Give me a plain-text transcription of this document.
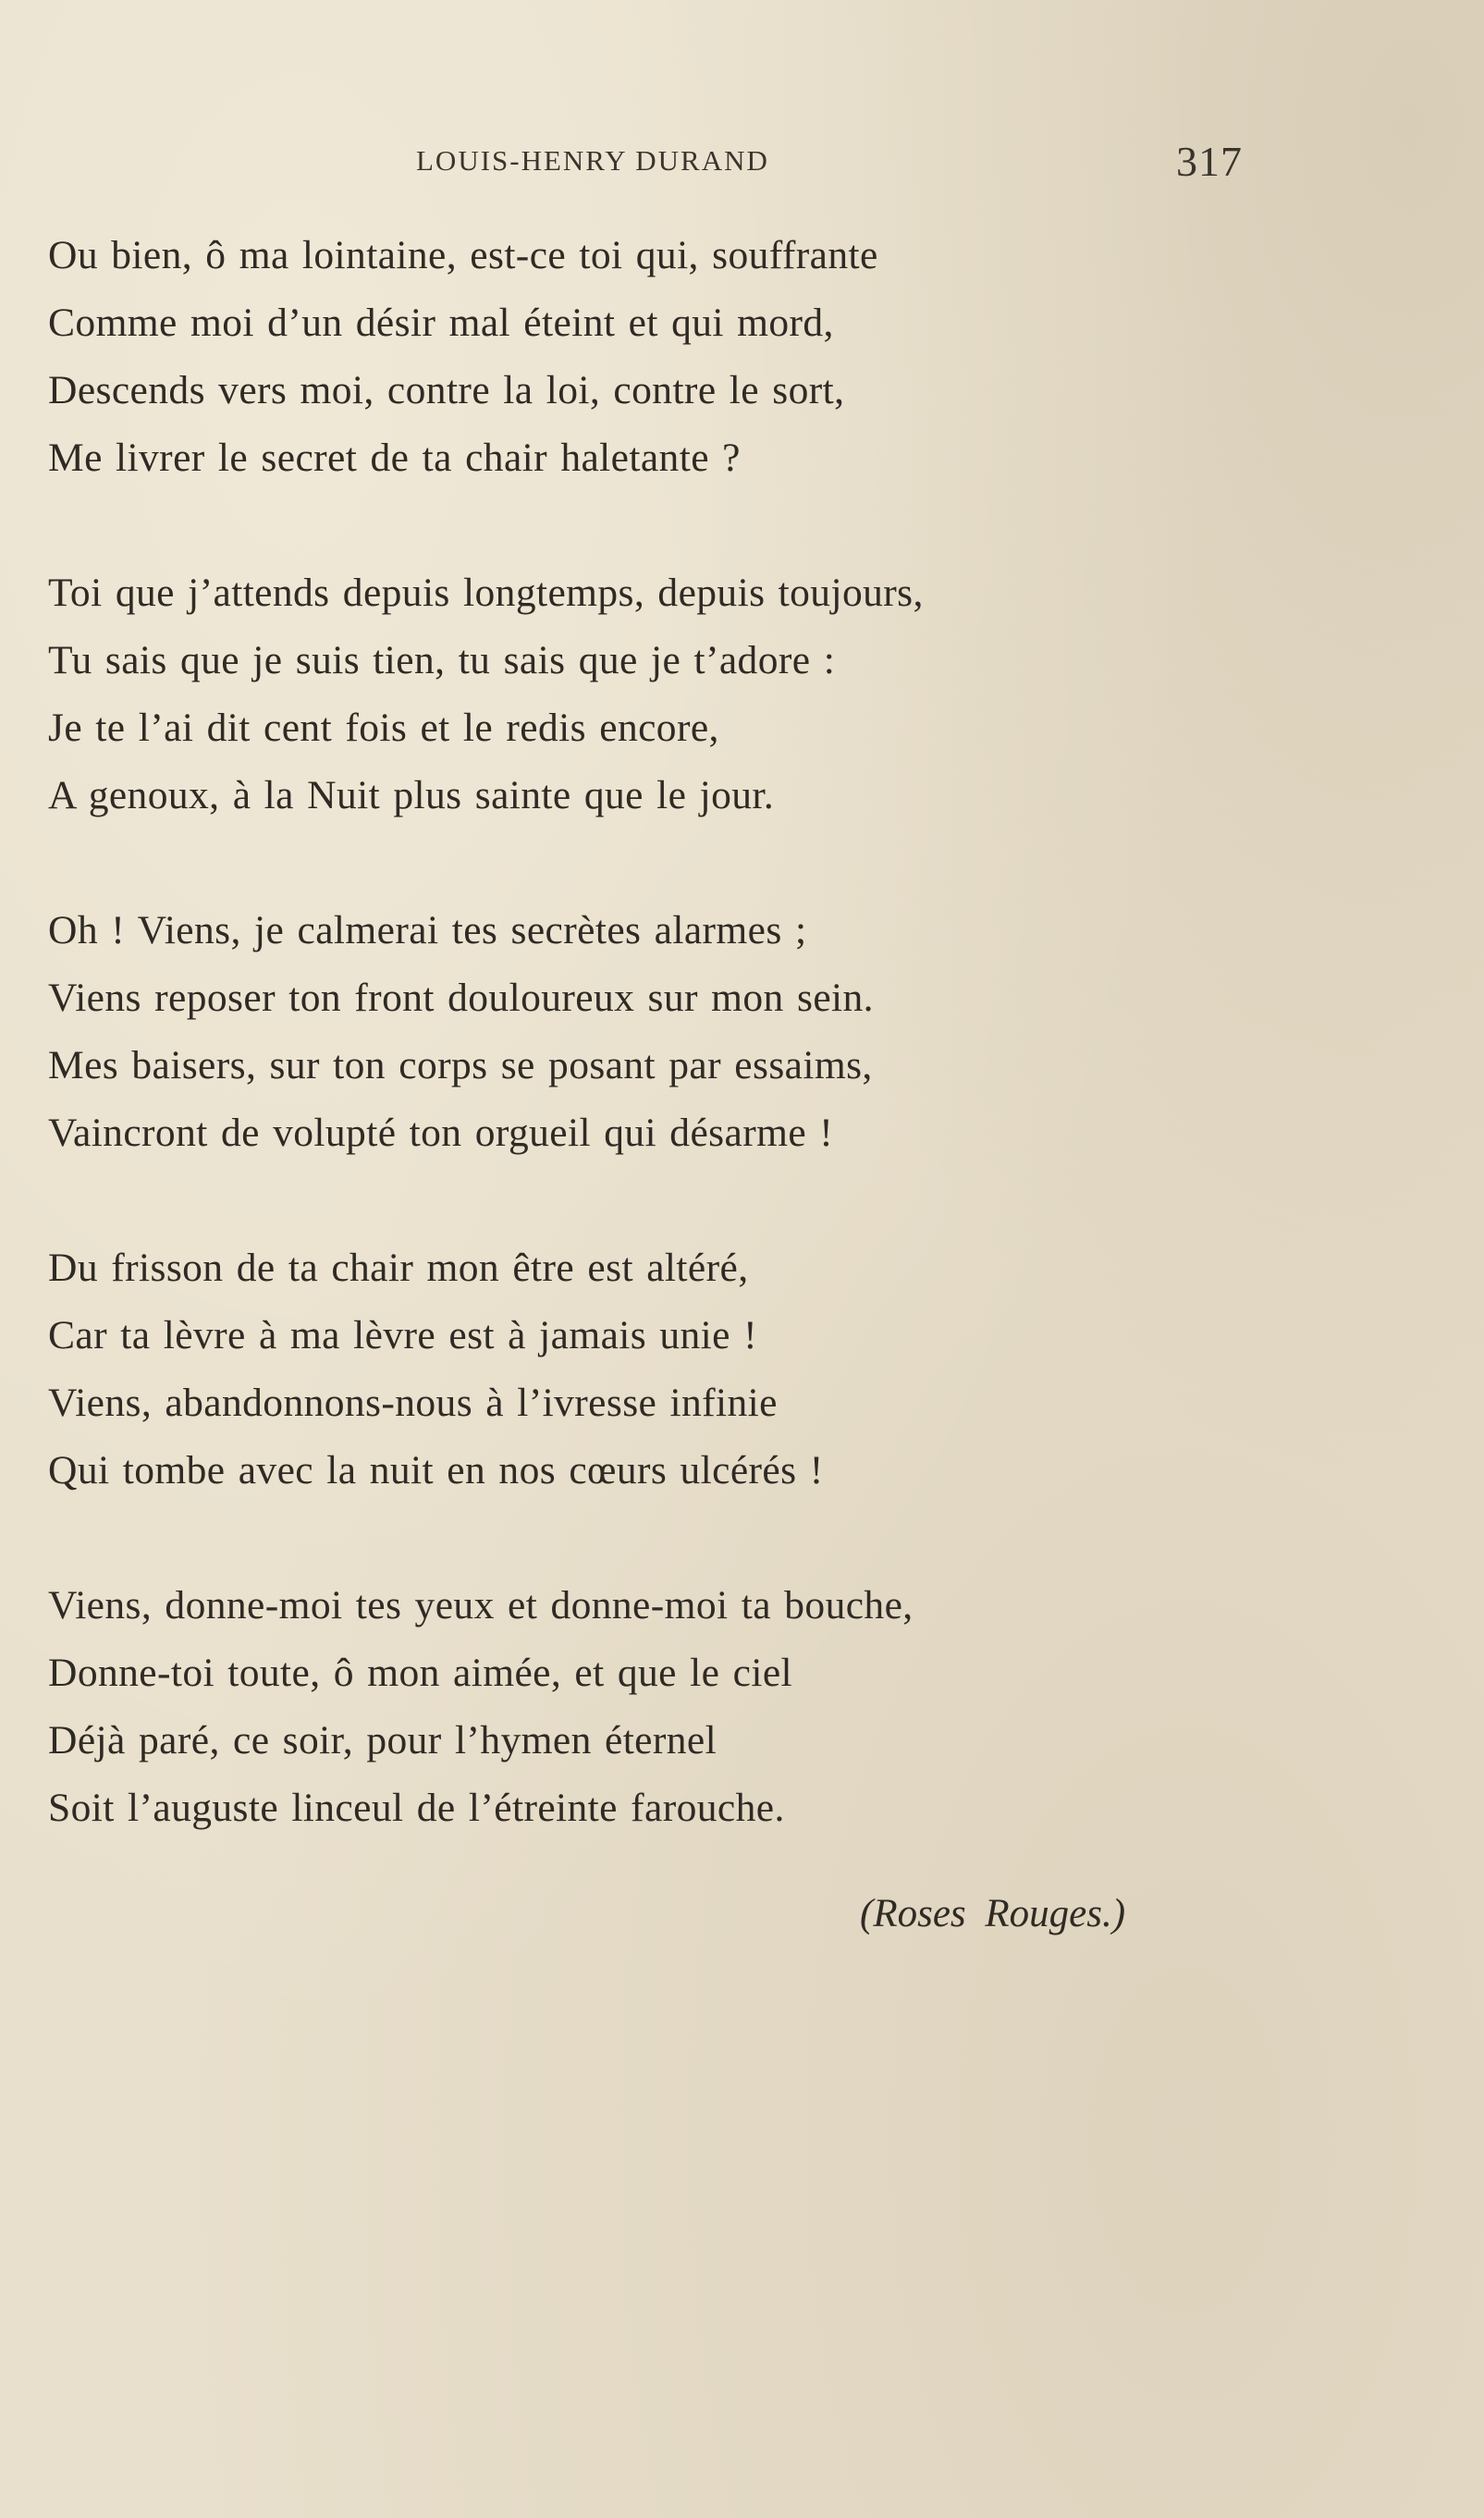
LOUIS-HENRY DURAND	317
Ou bien, ô ma lointaine, est-ce toi qui, souffrante
Comme moi d’un désir mal éteint et qui mord,
Descends vers moi, contre la loi, contre le sort,
Me livrer le secret de ta chair haletante ?
Toi que j’attends depuis longtemps, depuis toujours,
Tu sais que je suis tien, tu sais que je t’adore :
Je te l’ai dit cent fois et le redis encore,
A genoux, à la Nuit plus sainte que le jour.
Oh ! Viens, je calmerai tes secrètes alarmes ;
Viens reposer ton front douloureux sur mon sein.
Mes baisers, sur ton corps se posant par essaims,
Vaincront de volupté ton orgueil qui désarme !
Du frisson de ta chair mon être est altéré,
Car ta lèvre à ma lèvre est à jamais unie !
Viens, abandonnons-nous à l’ivresse infinie
Qui tombe avec la nuit en nos cœurs ulcérés !
Viens, donne-moi tes yeux et donne-moi ta bouche,
Donne-toi toute, ô mon aimée, et que le ciel
Déjà paré, ce soir, pour l’hymen éternel
Soit l’auguste linceul de l’étreinte farouche.
(Roses Rouges.)
